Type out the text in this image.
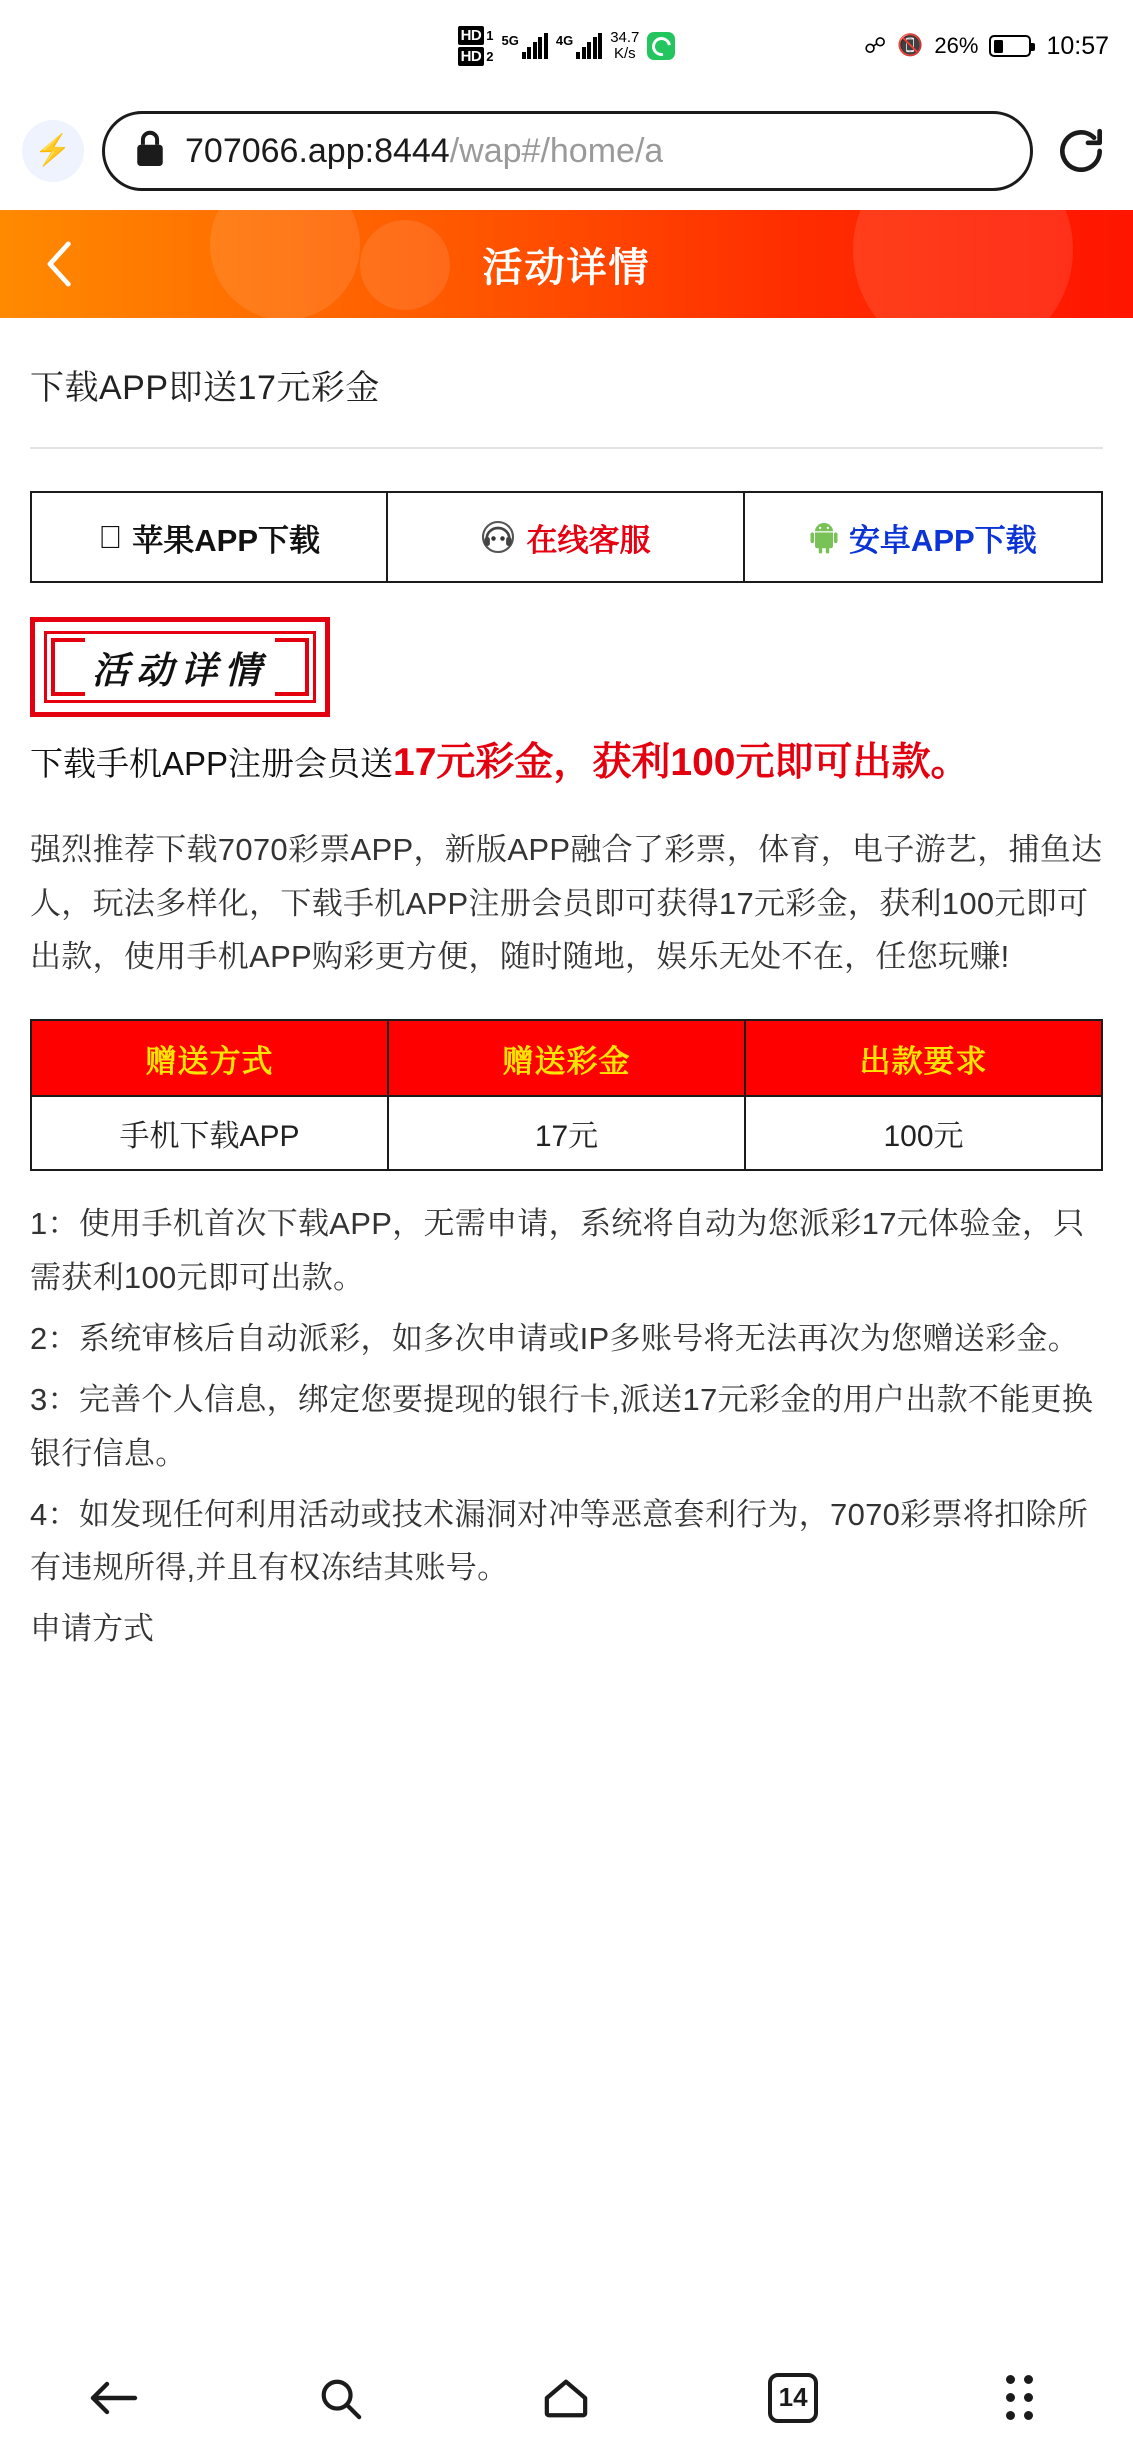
HD 1
HD 2
5G	4G 34.7
K/s	☍ 📵 26%	10:57
⚡	707066.app:8444/wap#/home/a
活动详情
下载APP即送17元彩金
苹果APP下载	在线客服	安卓APP下载
活动详情
下载手机APP注册会员送17元彩金，获利100元即可出款。
强烈推荐下载7070彩票APP，新版APP融合了彩票，体育，电子游艺，捕鱼达人，玩法多样化，下载手机APP注册会员即可获得17元彩金，获利100元即可出款，使用手机APP购彩更方便，随时随地，娱乐无处不在，任您玩赚!
赠送方式	赠送彩金	出款要求
手机下载APP	17元	100元
1：使用手机首次下载APP，无需申请，系统将自动为您派彩17元体验金，只需获利100元即可出款。
2：系统审核后自动派彩，如多次申请或IP多账号将无法再次为您赠送彩金。
3：完善个人信息，绑定您要提现的银行卡,派送17元彩金的用户出款不能更换银行信息。
4：如发现任何利用活动或技术漏洞对冲等恶意套利行为，7070彩票将扣除所有违规所得,并且有权冻结其账号。
申请方式
14
